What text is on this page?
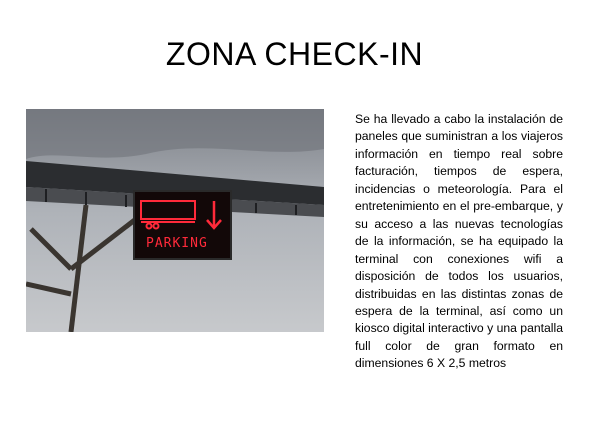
ZONA CHECK-IN
PARKING
Se ha llevado a cabo la instalación de paneles que suministran a los viajeros información en tiempo real sobre facturación, tiempos de espera, incidencias o meteorología. Para el entretenimiento en el pre-embarque, y su acceso a las nuevas tecnologías de la información, se ha equipado la terminal con conexiones wifi a disposición de todos los usuarios, distribuidas en las distintas zonas de espera de la terminal, así como un kiosco digital interactivo y una pantalla full color de gran formato en dimensiones 6 X 2,5 metros
